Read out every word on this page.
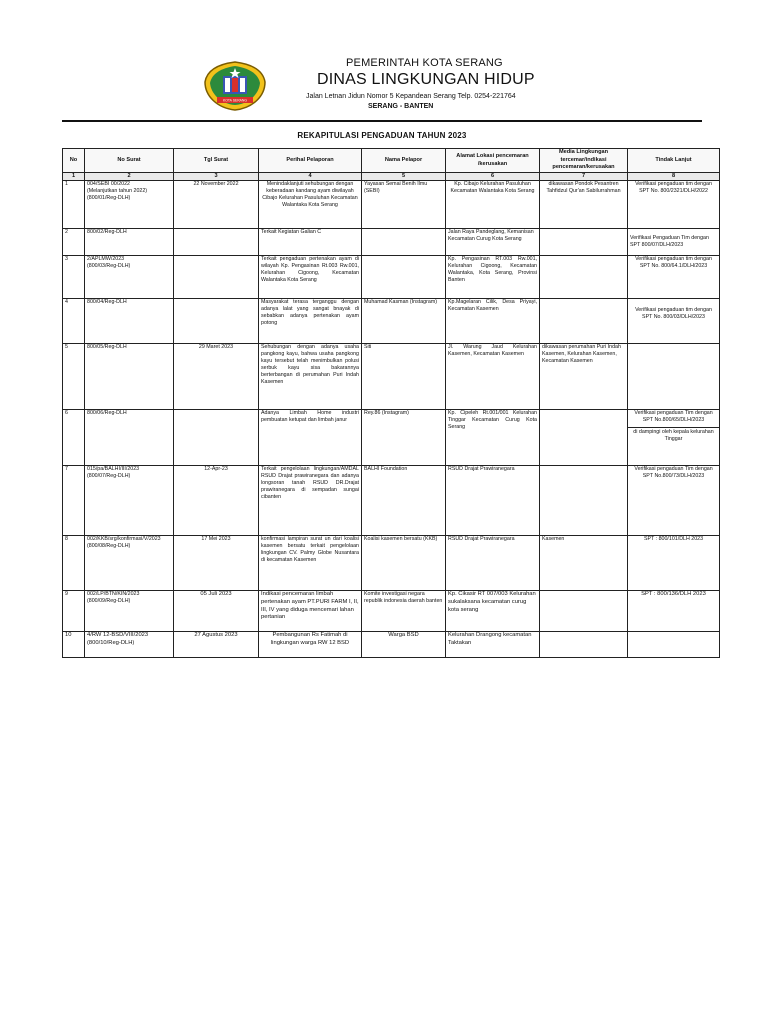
KOTA SERANG
PEMERINTAH KOTA SERANG
DINAS LINGKUNGAN HIDUP
Jalan Letnan Jidun Nomor 5 Kepandean Serang Telp. 0254-221764
SERANG - BANTEN
REKAPITULASI PENGADUAN TAHUN 2023
No	No Surat	Tgl Surat	Perihal Pelaporan	Nama Pelapor	Alamat Lokasi pencemaran /kerusakan	Media Lingkungan tercemar/indikasi pencemaran/kerusakan	Tindak Lanjut
1	2	3	4	5	6	7	8
1	004/SEBI 00/2022
(Melanjutkan tahun 2022)
(800/01/Reg-DLH)	22 November 2022	Menindaklanjuti sehubungan dengan keberadaan kandang ayam diwilayah Cibajo Kelurahan Pasuluhan Kecamatan Walantaka Kota Serang	Yayasan Semai Benih Ilmu (SEBI)	Kp. Cibajo Kelurahan Pasuluhan Kecamatan Walantaka Kota Serang	dikawasan Pondok Pesantren Tahfidzul Qur'an Sabilurrahman	Verifikasi pengaduan tim dengan SPT No. 800/2321/DLH/2022
2	800/02/Reg-DLH		Terkait Kegiatan Galian C		Jalan Raya Pandeglang, Kemanisan Kecamatan Curug Kota Serang		Verifikasi Pengaduan Tim dengan SPT 800/07/DLH/2023
3	2/APLMW/2023
(800/03/Reg-DLH)		Terkait pengaduan pertenakan ayam di wilayah Kp. Pengasinan Rt.003 Rw.001, Kelurahan Cigoong, Kecamatan Walantaka Kota Serang		Kp. Pengasinan RT.003 Rw.001, Kelurahan Cigoong, Kecamatan Walantaka, Kota Serang, Provinsi Banten		Verifikasi pengaduan tim dengan SPT No. 800/64.1/DLH/2023
4	800/04/Reg-DLH		Masyarakat terasa terganggu dengan adanya lalat yang sangat bnayak di sebabkan adanya pertenakan ayam potong	Muhamad Kasman (Instagram)	Kp.Magelaran Cilik, Desa Priyayi, Kecamatan Kasemen		Verifikasi pengaduan tim dengan SPT No. 800/03/DLH/2023
5	800/05/Reg-DLH	29 Maret 2023	Sehubungan dengan adanya usaha pangkong kayu, bahwa usaha pangkong kayu tersebut telah menimbulkan polusi serbuk kayu sisa bakarannya berterbangan di perumahan Puri Indah Kasemen	Siti	Jl. Warung Jaud Kelurahan Kasemen, Kecamatan Kasemen	dikawasan perumahan Puri Indah Kasemen, Kelurahan Kasemen, Kecamatan Kasemen	
6	800/06/Reg-DLH		Adanya Limbah Home industri pembuatan ketupat dan limbah janur	Rey.86 (Instagram)	Kp. Cipeleh Rt.001/001 Kelurahan Tinggar Kecamatan Curug Kota Serang		Verifikasi pengaduan Tim dengan SPT No.800/65/DLH/2023
di dampingi oleh kepala kelurahan Tinggar

7	015/pa/BALHI/III/2023
(800/07/Reg-DLH)	12-Apr-23	Terkait pengelolaan lingkungan/AMDAL RSUD Drajat prawiranegara dan adanya longsoran tanah RSUD DR.Drajat prawiranegara di sempadan sungai cibanten	BALHI Foundation	RSUD Drajat Prawiranegara		Verifikasi pengaduan Tim dengan SPT No.800/73/DLH/2023
8	002/KKB/srg/konfirmasi/V/2023
(800/08/Reg-DLH)	17 Mei 2023	konfirmasi lampiran surat un dari koalisi kasemen bersatu terkait pengelolaan lingkungan CV. Palmy Globe Nusantara di kecamatan Kasemen	Koalisi kasemen bersatu (KKB)	RSUD Drajat Prawiranegara	Kasemen	SPT : 800/101/DLH 2023
9	002/LP/BTN/KIN/2023
(800/09/Reg-DLH)	05 Juli 2023	Indikasi pencemaran limbah pertenakan ayam PT.PURI FARM I, II, III, IV yang diduga mencemari lahan pertanian	Komite investigasi negara republik indonesia daerah banten	Kp. Cikasir RT 007/003 Kelurahan sukalaksana kecamatan curug kota serang		SPT : 800/136/DLH 2023
10	4/RW 12-BSD/VIII/2023
(800/10/Reg-DLH)	27 Agustus 2023	Pembangunan Rs Fatimah di lingkungan warga RW 12 BSD	Warga BSD	Kelurahan Drangong kecamatan Taktakan		
